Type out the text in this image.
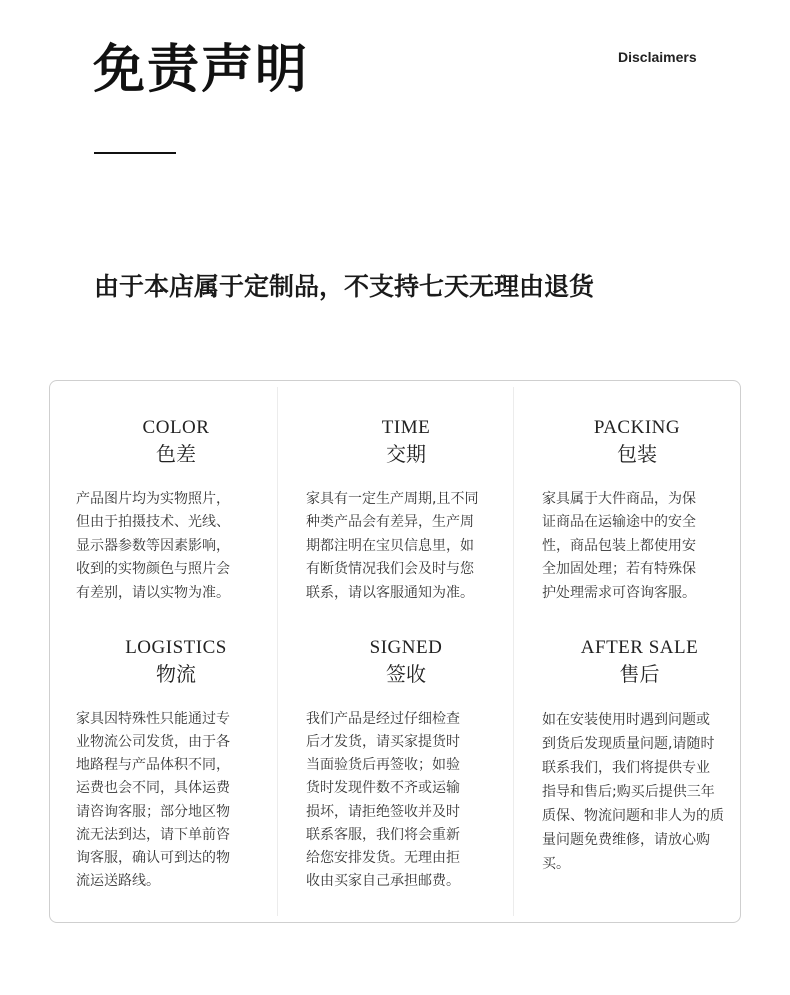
免责声明	Disclaimers

由于本店属于定制品，不支持七天无理由退货

COLOR
色差
产品图片均为实物照片，
但由于拍摄技术、光线、
显示器参数等因素影响，
收到的实物颜色与照片会
有差别，请以实物为准。
TIME
交期
家具有一定生产周期,且不同
种类产品会有差异，生产周
期都注明在宝贝信息里，如
有断货情况我们会及时与您
联系，请以客服通知为准。
PACKING
包装
家具属于大件商品，为保
证商品在运输途中的安全
性，商品包装上都使用安
全加固处理；若有特殊保
护处理需求可咨询客服。
LOGISTICS
物流
家具因特殊性只能通过专
业物流公司发货，由于各
地路程与产品体积不同，
运费也会不同，具体运费
请咨询客服；部分地区物
流无法到达，请下单前咨
询客服，确认可到达的物
流运送路线。
SIGNED
签收
我们产品是经过仔细检查
后才发货，请买家提货时
当面验货后再签收；如验
货时发现件数不齐或运输
损坏，请拒绝签收并及时
联系客服，我们将会重新
给您安排发货。无理由拒
收由买家自己承担邮费。
AFTER SALE
售后
如在安装使用时遇到问题或
到货后发现质量问题,请随时
联系我们，我们将提供专业
指导和售后;购买后提供三年
质保、物流问题和非人为的质
量问题免费维修，请放心购
买。
